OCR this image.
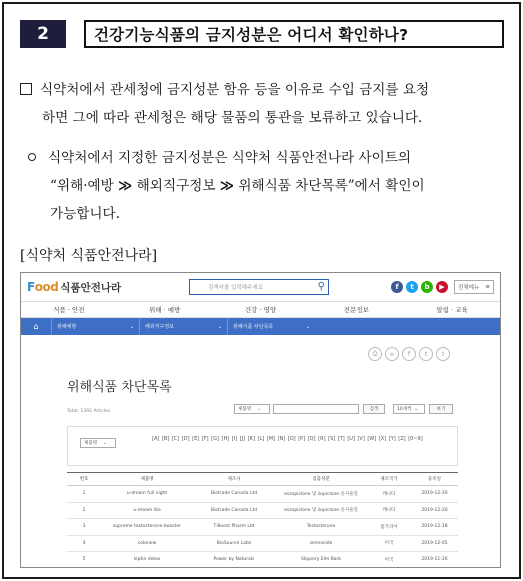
2	건강기능식품의 금지성분은 어디서 확인하나?
식약처에서 관세청에 금지성분 함유 등을 이유로 수입 금지를 요청
하면 그에 따라 관세청은 해당 물품의 통관을 보류하고 있습니다.
식약처에서 지정한 금지성분은 식약처 식품안전나라 사이트의
“위해·예방 ≫ 해외직구정보 ≫ 위해식품 차단목록”에서 확인이
가능합니다.
[식약처 식품안전나라]
Food 식품안전나라	검색어를 입력해주세요	⚲	f	t	b	▶	전체메뉴 ≡
식품 · 안전	위해 · 예방	건강 · 영양	전문정보	알림 · 교육
⌂	위해예방	⌄ 해외직구정보	⌄ 위해식품 차단목록	⌄
⎙	∞	f	t	⇪
위해식품 차단목록
Total: 1392 Articles	제품명 ⌄	검색	10개씩 ⌄	보기
제품명 ⌄
[A] [B] [C] [D] [E] [F] [G] [H] [I] [J] [K] [L] [M] [N] [O] [P] [Q] [R] [S] [T] [U] [V] [W] [X] [Y] [Z] [0~9]
번호	제품명	제조사	검출성분	제조국가	등록일
1	u-dream full night	Biotrade Canada Ltd	eszopiclone 및 zopiclone 유사물질	캐나다	2019-12-20
2	u-dream lite	Biotrade Canada Ltd	eszopiclone 및 zopiclone 유사물질	캐나다	2019-12-20
3	supreme testosterone booster	T-Boost Pharm Ltd	Testosterone	불가리아	2019-12-18
4	colonew	BioSource Labs	sennoside	미국	2019-12-05
5	leptin detox	Power by Naturals	Slippery Elm Bark	미국	2019-11-26
